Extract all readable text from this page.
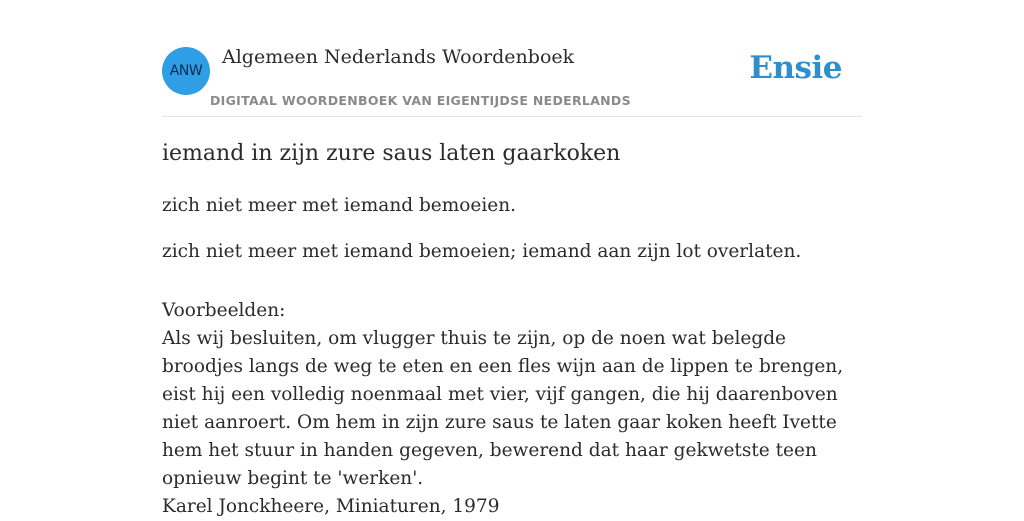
ANW
Algemeen Nederlands Woordenboek
DIGITAAL WOORDENBOEK VAN EIGENTIJDSE NEDERLANDS
Ensie
iemand in zijn zure saus laten gaarkoken
zich niet meer met iemand bemoeien.
zich niet meer met iemand bemoeien; iemand aan zijn lot overlaten.
Voorbeelden:
Als wij besluiten, om vlugger thuis te zijn, op de noen wat belegde broodjes langs de weg te eten en een fles wijn aan de lippen te brengen, eist hij een volledig noenmaal met vier, vijf gangen, die hij daarenboven niet aanroert. Om hem in zijn zure saus te laten gaar koken heeft Ivette hem het stuur in handen gegeven, bewerend dat haar gekwetste teen opnieuw begint te 'werken'.
Karel Jonckheere, Miniaturen, 1979
